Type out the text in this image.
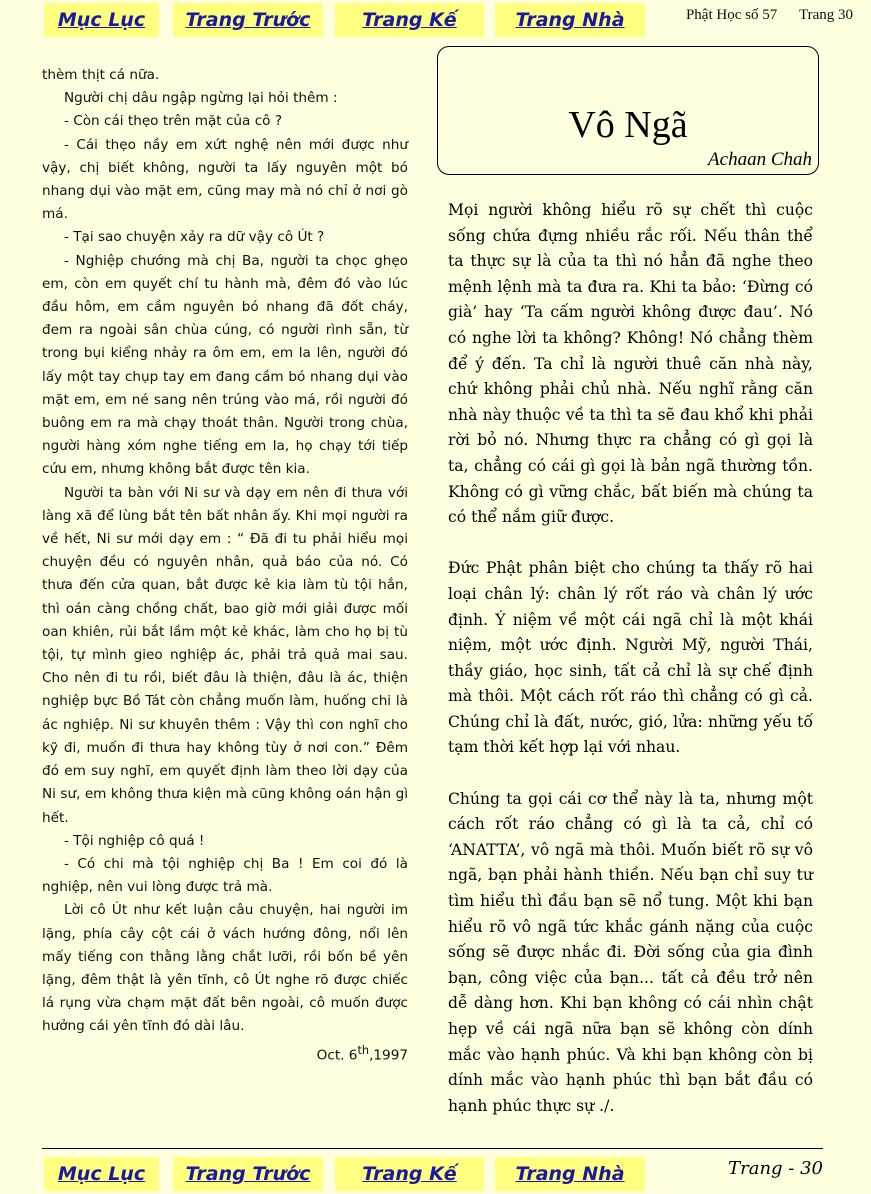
Mục Lục	Trang Trước	Trang Kế	Trang Nhà	Phật Học số 57 Trang 30

thèm thịt cá nữa.

Người chị dâu ngập ngừng lại hỏi thêm :

- Còn cái thẹo trên mặt của cô ?

- Cái thẹo nầy em xứt nghệ nên mới được như vậy, chị biết không, người ta lấy nguyên một bó nhang dụi vào mặt em, cũng may mà nó chỉ ở nơi gò má.

- Tại sao chuyện xảy ra dữ vậy cô Út ?

- Nghiệp chướng mà chị Ba, người ta chọc ghẹo em, còn em quyết chí tu hành mà, đêm đó vào lúc đầu hôm, em cầm nguyên bó nhang đã đốt cháy, đem ra ngoài sân chùa cúng, có người rình sẵn, từ trong bụi kiểng nhảy ra ôm em, em la lên, người đó lấy một tay chụp tay em đang cầm bó nhang dụi vào mặt em, em né sang nên trúng vào má, rồi người đó buông em ra mà chạy thoát thân. Người trong chùa, người hàng xóm nghe tiếng em la, họ chạy tới tiếp cứu em, nhưng không bắt được tên kia.

Người ta bàn với Ni sư và dạy em nên đi thưa với làng xã để lùng bắt tên bất nhân ấy. Khi mọi người ra về hết, Ni sư mới dạy em : “ Đã đi tu phải hiểu mọi chuyện đều có nguyên nhân, quả báo của nó. Có thưa đến cửa quan, bắt được kẻ kia làm tù tội hắn, thì oán càng chồng chất, bao giờ mới giải được mối oan khiên, rủi bắt lầm một kẻ khác, làm cho họ bị tù tội, tự mình gieo nghiệp ác, phải trả quả mai sau. Cho nên đi tu rồi, biết đâu là thiện, đâu là ác, thiện nghiệp bực Bồ Tát còn chẳng muốn làm, huống chi là ác nghiệp. Ni sư khuyên thêm : Vậy thì con nghĩ cho kỹ đi, muốn đi thưa hay không tùy ở nơi con.” Đêm đó em suy nghĩ, em quyết định làm theo lời dạy của Ni sư, em không thưa kiện mà cũng không oán hận gì hết.

- Tội nghiệp cô quá !

- Có chi mà tội nghiệp chị Ba ! Em coi đó là nghiệp, nên vui lòng được trả mà.

Lời cô Út như kết luận câu chuyện, hai người im lặng, phía cây cột cái ở vách hướng đông, nổi lên mấy tiếng con thằng lằng chắt lưỡi, rồi bốn bề yên lặng, đêm thật là yên tĩnh, cô Út nghe rõ được chiếc lá rụng vừa chạm mặt đất bên ngoài, cô muốn được hưởng cái yên tĩnh đó dài lâu.

Oct. 6th,1997

Vô Ngã
Achaan Chah

Mọi người không hiểu rõ sự chết thì cuộc sống chứa đựng nhiều rắc rối. Nếu thân thể ta thực sự là của ta thì nó hẳn đã nghe theo mệnh lệnh mà ta đưa ra. Khi ta bảo: ‘Đừng có già’ hay ‘Ta cấm người không được đau’. Nó có nghe lời ta không? Không! Nó chẳng thèm để ý đến. Ta chỉ là người thuê căn nhà này, chứ không phải chủ nhà. Nếu nghĩ rằng căn nhà này thuộc về ta thì ta sẽ đau khổ khi phải rời bỏ nó. Nhưng thực ra chẳng có gì gọi là ta, chẳng có cái gì gọi là bản ngã thường tồn. Không có gì vững chắc, bất biến mà chúng ta có thể nắm giữ được.

Đức Phật phân biệt cho chúng ta thấy rõ hai loại chân lý: chân lý rốt ráo và chân lý ước định. Ý niệm về một cái ngã chỉ là một khái niệm, một ước định. Người Mỹ, người Thái, thầy giáo, học sinh, tất cả chỉ là sự chế định mà thôi. Một cách rốt ráo thì chẳng có gì cả. Chúng chỉ là đất, nước, gió, lửa: những yếu tố tạm thời kết hợp lại với nhau.

Chúng ta gọi cái cơ thể này là ta, nhưng một cách rốt ráo chẳng có gì là ta cả, chỉ có ‘ANATTA’, vô ngã mà thôi. Muốn biết rõ sự vô ngã, bạn phải hành thiền. Nếu bạn chỉ suy tư tìm hiểu thì đầu bạn sẽ nổ tung. Một khi bạn hiểu rõ vô ngã tức khắc gánh nặng của cuộc sống sẽ được nhắc đi. Đời sống của gia đình bạn, công việc của bạn... tất cả đều trở nên dễ dàng hơn. Khi bạn không có cái nhìn chật hẹp về cái ngã nữa bạn sẽ không còn dính mắc vào hạnh phúc. Và khi bạn không còn bị dính mắc vào hạnh phúc thì bạn bắt đầu có hạnh phúc thực sự ./.

Mục Lục	Trang Trước	Trang Kế	Trang Nhà	Trang - 30
